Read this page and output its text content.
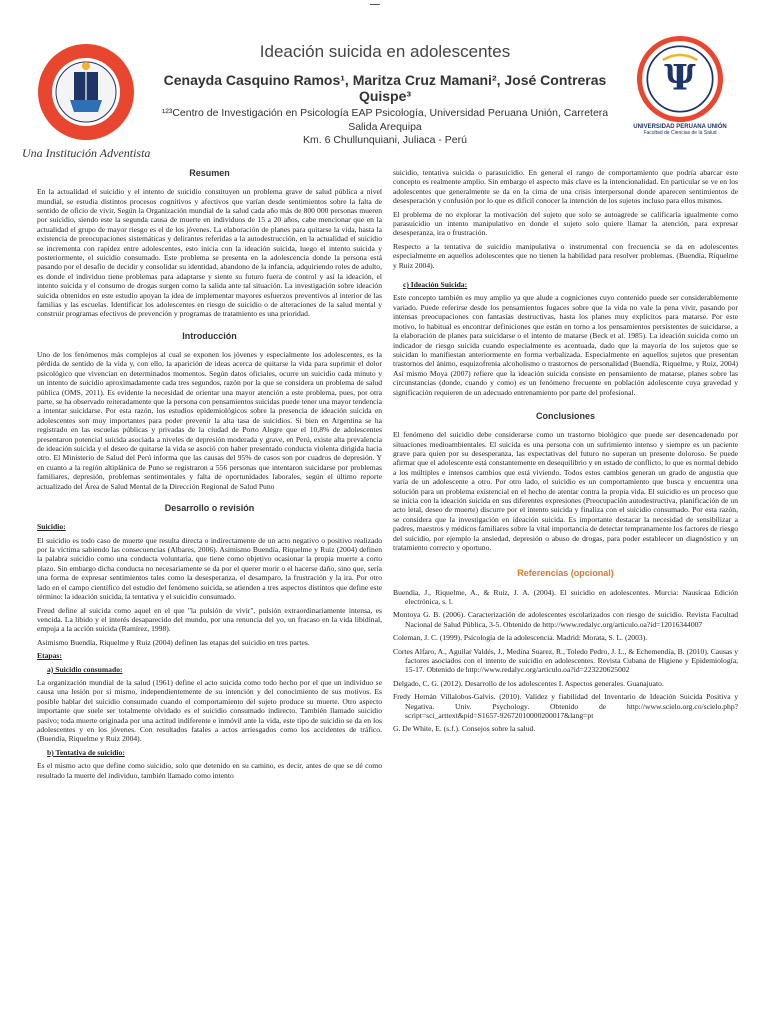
Una Institución Adventista
Ideación suicida en adolescentes
Cenayda Casquino Ramos¹, Maritza Cruz Mamani², José Contreras Quispe³
¹²³Centro de Investigación en Psicología EAP Psicología, Universidad Peruana Unión, Carretera Salida Arequipa
Km. 6 Chullunquiani, Juliaca - Perú
Ψ
UNIVERSIDAD PERUANA UNIÓN
Facultad de Ciencias de la Salud
Resumen

En la actualidad el suicidio y el intento de suicidio constituyen un problema grave de salud pública a nivel mundial, se estudia distintos procesos cognitivos y afectivos que varían desde sentimientos sobre la falta de sentido de oficio de vivir, Según la Organización mundial de la salud cada año más de 800 000 personas mueren por suicidio, siendo este la segunda causa de muerte en individuos de 15 a 20 años, cabe mencionar que en la actualidad el grupo de mayor riesgo es el de los jóvenes. La elaboración de planes para quitarse la vida, hasta la existencia de preocupaciones sistemáticas y delirantes referidas a la autodestrucción, en la actualidad el suicidio se incrementa con rapidez entre adolescentes, esto inicia con la ideación suicida, luego el intento suicida y posteriormente, el suicidio consumado. Este problema se presenta en la adolescencia donde la persona está pasando por el desafío de decidir y consolidar su identidad, abandono de la infancia, adquiriendo roles de adulto, es donde el individuo tiene problemas para adaptarse y siente su futuro fuera de control y así la ideación, el intento suicida y el consumo de drogas surgen como la salida ante tal situación. La investigación sobre ideación suicida obtenidos en este estudio apoyan la idea de implementar mayores esfuerzos preventivos al interior de las familias y las escuelas. Identificar los adolescentes en riesgo de suicidio o de alteraciones de la salud mental y construir programas efectivos de prevención y programas de tratamiento es una prioridad.

Introducción

Uno de los fenómenos más complejos al cual se exponen los jóvenes y especialmente los adolescentes, es la pérdida de sentido de la vida y, con ello, la aparición de ideas acerca de quitarse la vida para suprimir el dolor psicológico que vivencian en determinados momentos. Según datos oficiales, ocurre un suicidio cada minuto y un intento de suicidio aproximadamente cada tres segundos, razón por la que se considera un problema de salud pública (OMS, 2011). Es evidente la necesidad de orientar una mayor atención a este problema, pues, por otra parte, se ha observado reiteradamente que la persona con pensamientos suicidas puede tener una mayor tendencia a intentar suicidarse. Por esta razón, los estudios epidemiológicos sobre la presencia de ideación suicida en adolescentes son muy importantes para poder prevenir la alta tasa de suicidios. Si bien en Argentina se ha registrado en las escuelas públicas y privadas de la ciudad de Porto Alegre que el 10,8% de adolescentes presentaron potencial suicida asociada a niveles de depresión moderada y grave, en Perú, existe alta prevalencia de ideación suicida y el deseo de quitarse la vida se asoció con haber presentado conducta violenta dirigida hacia otro. El Ministerio de Salud del Perú informa que las causas del 95% de casos son por cuadros de depresión. Y en cuanto a la región altiplánica de Puno se registraron a 556 personas que intentaron suicidarse por problemas familiares, depresión, problemas sentimentales y falta de oportunidades laborales, según el último reporte actualizado del Área de Salud Mental de la Dirección Regional de Salud Puno

Desarrollo o revisión
Suicidio:

El suicidio es todo caso de muerte que resulta directa o indirectamente de un acto negativo o positivo realizado por la víctima sabiendo las consecuencias (Albares, 2006). Asimismo Buendía, Riquelme y Ruiz (2004) definen la palabra suicidio como una conducta voluntaria, que tiene como objetivo ocasionar la propia muerte a corto plazo. Sin embargo dicha conducta no necesariamente se da por el querer morir o el hacerse daño, sino que, sería una forma de expresar sentimientos tales como la desesperanza, el desamparo, la frustración y la ira. Por otro lado en el campo científico del estudio del fenómeno suicida, se atienden a tres aspectos distintos que define este término: la ideación suicida, la tentativa y el suicidio consumado.

Freud define al suicida como aquel en el que "la pulsión de vivir", pulsión extraordinariamente intensa, es vencida. La libido y el interés desaparecido del mundo, por una renuncia del yo, un fracaso en la vida libidinal, empuja a la acción suicida (Ramírez, 1998).

Asimismo Buendía, Riquelme y Ruiz (2004) definen las etapas del suicidio en tres partes.

Etapas:
a) Suicidio consumado:

La organización mundial de la salud (1961) define el acto suicida como todo hecho por el que un individuo se causa una lesión por sí mismo, independientemente de su intención y del conocimiento de sus motivos. Es posible hablar del suicidio consumado cuando el comportamiento del sujeto produce su muerte. Otro aspecto importante que suele ser totalmente olvidado es el suicidio consumado indirecto. También llamado suicidio pasivo; toda muerte originada por una actitud indiferente e inmóvil ante la vida, este tipo de suicidio se da en los adolescentes y en los jóvenes. Con resultados fatales a actos arriesgados como los accidentes de tráfico. (Buendía, Riquelme y Ruiz 2004).

b) Tentativa de suicidio:

Es el mismo acto que define como suicidio, solo que detenido en su camino, es decir, antes de que se dé como resultado la muerte del individuo, también llamado como intento

suicidio, tentativa suicida o parasuicidio. En general el rango de comportamiento que podría abarcar este concepto es realmente amplio. Sin embargo el aspecto más clave es la intencionalidad. En particular se ve en los adolescentes que generalmente se da en la cima de una crisis interpersonal donde aparecen sentimientos de desesperación y confusión por lo que es difícil conocer la intención de los sujetos incluso para ellos mismos.

El problema de no explorar la motivación del sujeto que solo se autoagrede se calificaría igualmente como parasuicidio un intento manipulativo en donde el sujeto solo quiere llamar la atención, para expresar desesperanza, ira o frustración.

Respecto a la tentativa de suicidio manipulativa o instrumental con frecuencia se da en adolescentes especialmente en aquellos adolescentes que no tienen la habilidad para resolver problemas. (Buendía, Riquelme y Ruiz 2004).

c) Ideación Suicida:

Este concepto también es muy amplio ya que alude a cogniciones cuyo contenido puede ser considerablemente variado. Puede referirse desde los pensamientos fugaces sobre que la vida no vale la pena vivir, pasando por intensas preocupaciones con fantasías destructivas, hasta los planes muy explícitos para matarse. Por este motivo, lo habitual es encontrar definiciones que están en torno a los pensamientos persistentes de suicidarse, a la elaboración de planes para suicidarse o el intento de matarse (Beck et al. 1985). La ideación suicida como un indicador de riesgo suicida cuando especialmente es acentuada, dado que la mayoría de los sujetos que se suicidan lo manifiestan anteriormente en forma verbalizada. Especialmente en aquellos sujetos que presentan trastornos del ánimo, esquizofrenia alcoholismo o trastornos de personalidad (Buendía, Riquelme, y Ruiz, 2004) Así mismo Moya (2007) refiere que la ideación suicida consiste en pensamiento de matarse, planes sobre las circunstancias (donde, cuando y como) es un fenómeno frecuente en población adolescente cuya gravedad y significación requieren de un adecuado entrenamiento por parte del profesional.

Conclusiones

El fenómeno del suicidio debe considerarse como un trastorno biológico que puede ser desencadenado por situaciones medioambientales. El suicida es una persona con un sufrimiento intenso y siempre es un paciente grave para quien por su desesperanza, las expectativas del futuro no superan un presente doloroso. Se puede afirmar que el adolescente está constantemente en desequilibrio y en estado de conflicto, lo que es normal debido a los múltiples e intensos cambios que está viviendo. Todos estos cambios generan un grado de angustia que varía de un adolescente a otro. Por otro lado, el suicidio es un comportamiento que busca y encuentra una solución para un problema existencial en el hecho de atentar contra la propia vida. El suicidio es un proceso que se inicia con la ideación suicida en sus diferentes expresiones (Preocupación autodestructiva, planificación de un acto letal, deseo de muerte) discurre por el intento suicida y finaliza con el suicidio consumado. Por esta razón, se considera que la investigación en ideación suicida. Es importante destacar la necesidad de sensibilizar a padres, maestros y médicos familiares sobre la vital importancia de detectar tempranamente los factores de riesgo del suicidio, por ejemplo la ansiedad, depresión o abuso de drogas, para poder establecer un diagnóstico y un tratamiento correcto y oportuno.

Referencias (opcional)

Buendía, J., Riquelme, A., & Ruiz, J. A. (2004). El suicidio en adolescentes. Murcia: Nausícaa Edición electrónica, s. l.

Montoya G. B. (2006). Caracterización de adolescentes escolarizados con riesgo de suicidio. Revista Facultad Nacional de Salud Pública, 3-5. Obtenido de http://www.redalyc.org/articulo.oa?id=12016344007

Coleman, J. C. (1999). Psicología de la adolescencia. Madrid: Morata, S. L. (2003).

Cortes Alfaro, A., Aguilar Valdés, J., Medina Suarez, R., Toledo Pedro, J. L., & Echemendía, B. (2010). Causas y factores asociados con el intento de suicidio en adolescentes. Revista Cubana de Higiene y Epidemiología, 15-17. Obtenido de http://www.redalyc.org/articulo.oa?id=223220625002

Delgado, C. G. (2012). Desarrollo de los adolescentes I. Aspectos generales. Guanajuato.

Fredy Hernán Villalobos-Galvis. (2010). Validez y fiabilidad del Inventario de Ideación Suicida Positiva y Negativa. Univ. Psychology. Obtenido de http://www.scielo.org.co/scielo.php?script=sci_arttext&pid=S1657-92672010000200017&lang=pt

G. De White, E. (s.f.). Consejos sobre la salud.
